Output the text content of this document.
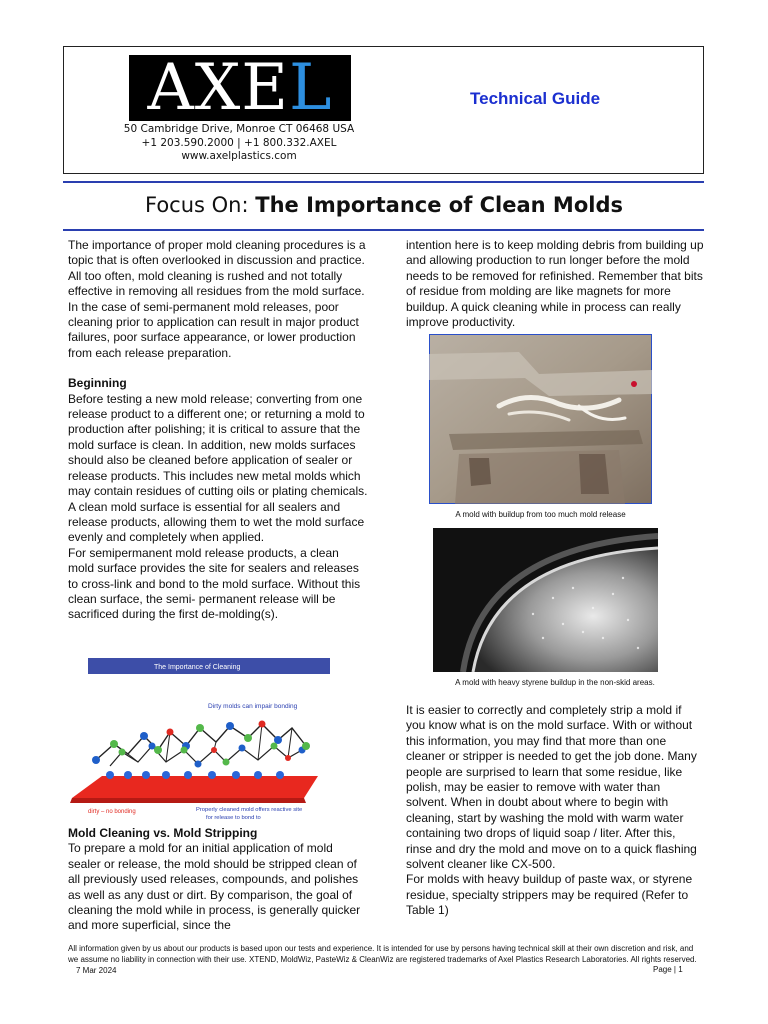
AXEL
50 Cambridge Drive, Monroe CT 06468 USA
+1 203.590.2000 | +1 800.332.AXEL
www.axelplastics.com
Technical Guide
Focus On: The Importance of Clean Molds

The importance of proper mold cleaning procedures is a topic that is often overlooked in discussion and practice. All too often, mold cleaning is rushed and not totally effective in removing all residues from the mold surface. In the case of semi-permanent mold releases, poor cleaning prior to application can result in major product failures, poor surface appearance, or lower production from each release preparation.

Beginning

Before testing a new mold release; converting from one release product to a different one; or returning a mold to production after polishing; it is critical to assure that the mold surface is clean. In addition, new molds surfaces should also be cleaned before application of sealer or release products. This includes new metal molds which may contain residues of cutting oils or plating chemicals. A clean mold surface is essential for all sealers and release products, allowing them to wet the mold surface evenly and completely when applied.

For semipermanent mold release products, a clean mold surface provides the site for sealers and releases to cross-link and bond to the mold surface. Without this clean surface, the semi- permanent release will be sacrificed during the first de-molding(s).

The Importance of Cleaning
Dirty molds can impair bonding
dirty – no bonding	Properly cleaned mold offers reactive site
for release to bond to
Mold Cleaning vs. Mold Stripping

To prepare a mold for an initial application of mold sealer or release, the mold should be stripped clean of all previously used releases, compounds, and polishes as well as any dust or dirt. By comparison, the goal of cleaning the mold while in process, is generally quicker and more superficial, since the

intention here is to keep molding debris from building up and allowing production to run longer before the mold needs to be removed for refinished. Remember that bits of residue from molding are like magnets for more buildup. A quick cleaning while in process can really improve productivity.

A mold with buildup from too much mold release
A mold with heavy styrene buildup in the non-skid areas.

It is easier to correctly and completely strip a mold if you know what is on the mold surface. With or without this information, you may find that more than one cleaner or stripper is needed to get the job done. Many people are surprised to learn that some residue, like polish, may be easier to remove with water than solvent. When in doubt about where to begin with cleaning, start by washing the mold with warm water containing two drops of liquid soap / liter. After this, rinse and dry the mold and move on to a quick flashing solvent cleaner like CX-500.

For molds with heavy buildup of paste wax, or styrene residue, specialty strippers may be required (Refer to Table 1)

All information given by us about our products is based upon our tests and experience. It is intended for use by persons having technical skill at their own discretion and risk, and we assume no liability in connection with their use. XTEND, MoldWiz, PasteWiz & CleanWiz are registered trademarks of Axel Plastics Research Laboratories. All rights reserved. 7 Mar 2024	Page | 1
